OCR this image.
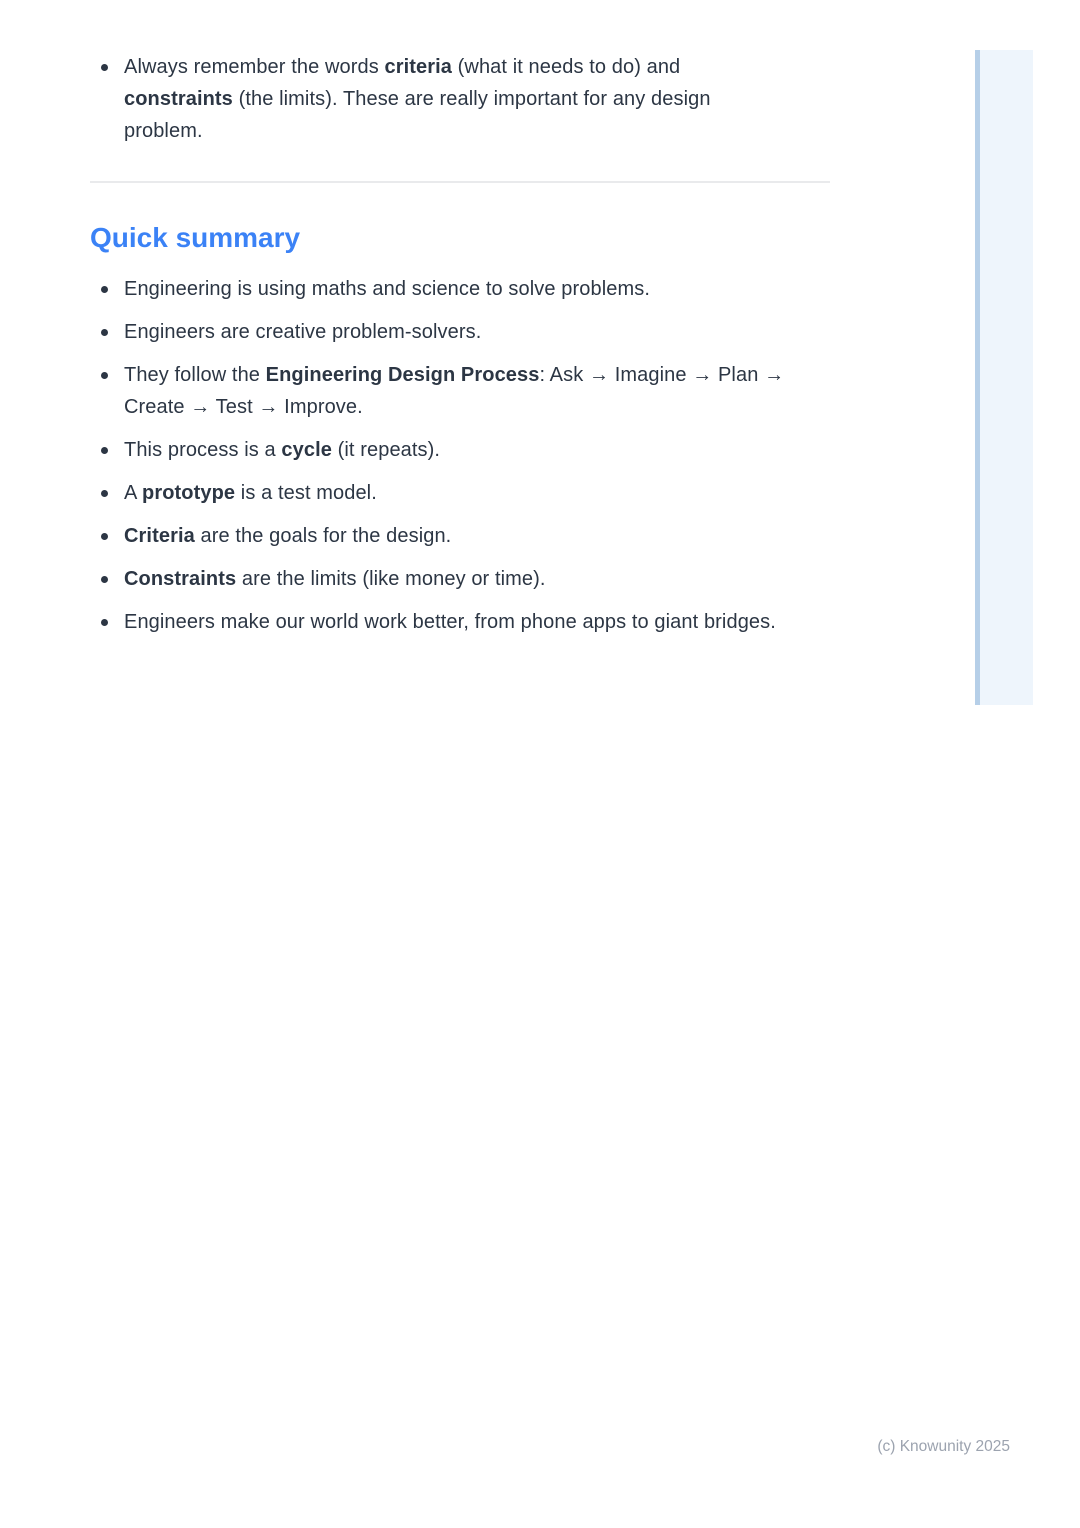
Always remember the words criteria (what it needs to do) and constraints (the limits). These are really important for any design problem.
Quick summary
Engineering is using maths and science to solve problems.
Engineers are creative problem-solvers.
They follow the Engineering Design Process: Ask → Imagine → Plan → Create → Test → Improve.
This process is a cycle (it repeats).
A prototype is a test model.
Criteria are the goals for the design.
Constraints are the limits (like money or time).
Engineers make our world work better, from phone apps to giant bridges.
(c) Knowunity 2025
